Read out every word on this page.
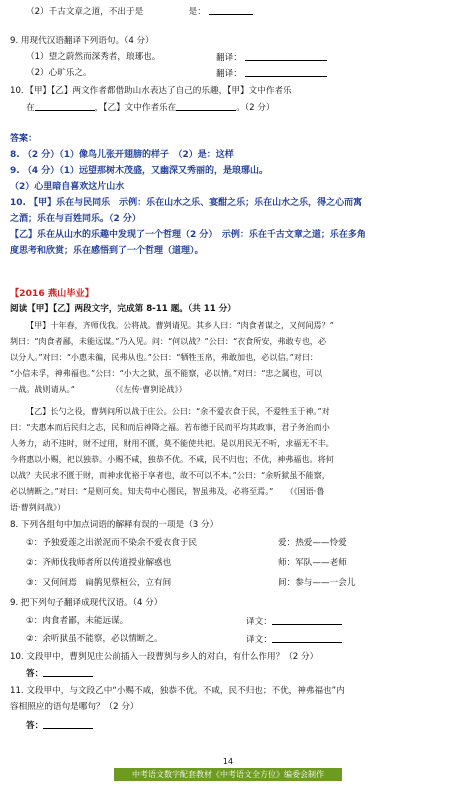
（2）千古文章之道，不出于是	是：
9. 用现代汉语翻译下列语句。（4 分）
（1）望之蔚然而深秀者，琅琊也。	翻译：
（2）心旷乐之。	翻译：
10．【甲】【乙】两文作者都借助山水表达了自己的乐趣，【甲】文中作者乐
在	，【乙】文中作者乐在	。（2 分）
答案：
8. （2 分）（1）像鸟儿张开翅膀的样子　（2）是：这样
9. （4 分）（1）远望那树木茂盛，又幽深又秀丽的，是琅琊山。
（2）心里暗自喜欢这片山水
10. 【甲】乐在与民同乐　示例：乐在山水之乐、宴酣之乐；乐在山水之乐，得之心而寓
之酒；乐在与百姓同乐。（2 分）
【乙】乐在从山水的乐趣中发现了一个哲理（2 分）　示例：乐在千古文章之道；乐在多角
度思考和欣赏；乐在感悟到了一个哲理（道理）。
【2016 燕山毕业】
阅读【甲】【乙】两段文字，完成第 8-11 题。（共 11 分）
【甲】十年春，齐师伐我。公将战。曹刿请见。其乡人曰：“肉食者谋之，又何间焉？”
刿曰：“肉食者鄙，未能远谋。”乃入见。问：“何以战？”公曰：“衣食所安，弗敢专也，必
以分人。”对曰：“小惠未徧，民弗从也。”公曰：“牺牲玉帛，弗敢加也，必以信。”对曰：
“小信未孚，神弗福也。”公曰：“小大之狱，虽不能察，必以情。”对曰：“忠之属也，可以
一战。战则请从。”　　　　　（《左传·曹刿论战》）
【乙】长勺之役，曹刿问所以战于庄公。公曰：“余不爱衣食于民，不爱牲玉于神。”对
曰：“夫惠本而后民归之志，民和而后神降之福。若布德于民而平均其政事，君子务治而小
人务力，动不违时，财不过用，财用不匮，莫不能使共祀。是以用民无不听，求福无不丰。
今将惠以小赐，祀以独恭。小赐不咸，独恭不优。不咸，民不归也；不优，神弗福也。将何
以战？夫民求不匮于财，而神求优裕于享者也，故不可以不本。”公曰：“余听狱虽不能察，
必以情断之。”对曰：“是则可矣。知夫苟中心图民，智虽弗及，必将至焉。”　　（《国语·鲁
语·曹刿问战》）
8. 下列各组句中加点词语的解释有误的一项是（3 分）
①：予独爱莲之出淤泥而不染余不爱衣食于民	爱：热爱——怜爱
②：齐师伐我师者所以传道授业解惑也	师：军队——老师
③：又何间焉　扁鹊见蔡桓公，立有间	间：参与——一会儿
9. 把下列句子翻译成现代汉语。（4 分）
①：肉食者鄙，未能远谋。	译文：
②：余听狱虽不能察，必以情断之。	译文：
10. 文段甲中，曹刿见庄公前插入一段曹刿与乡人的对白，有什么作用？（2 分）
答：
11. 文段甲中，与文段乙中“小赐不咸，独恭不优。不咸，民不归也；不优，神弗福也”内
容相照应的语句是哪句？（2 分）
答：
14
中考语文数字配套教材《中考语文全方位》编委会制作
